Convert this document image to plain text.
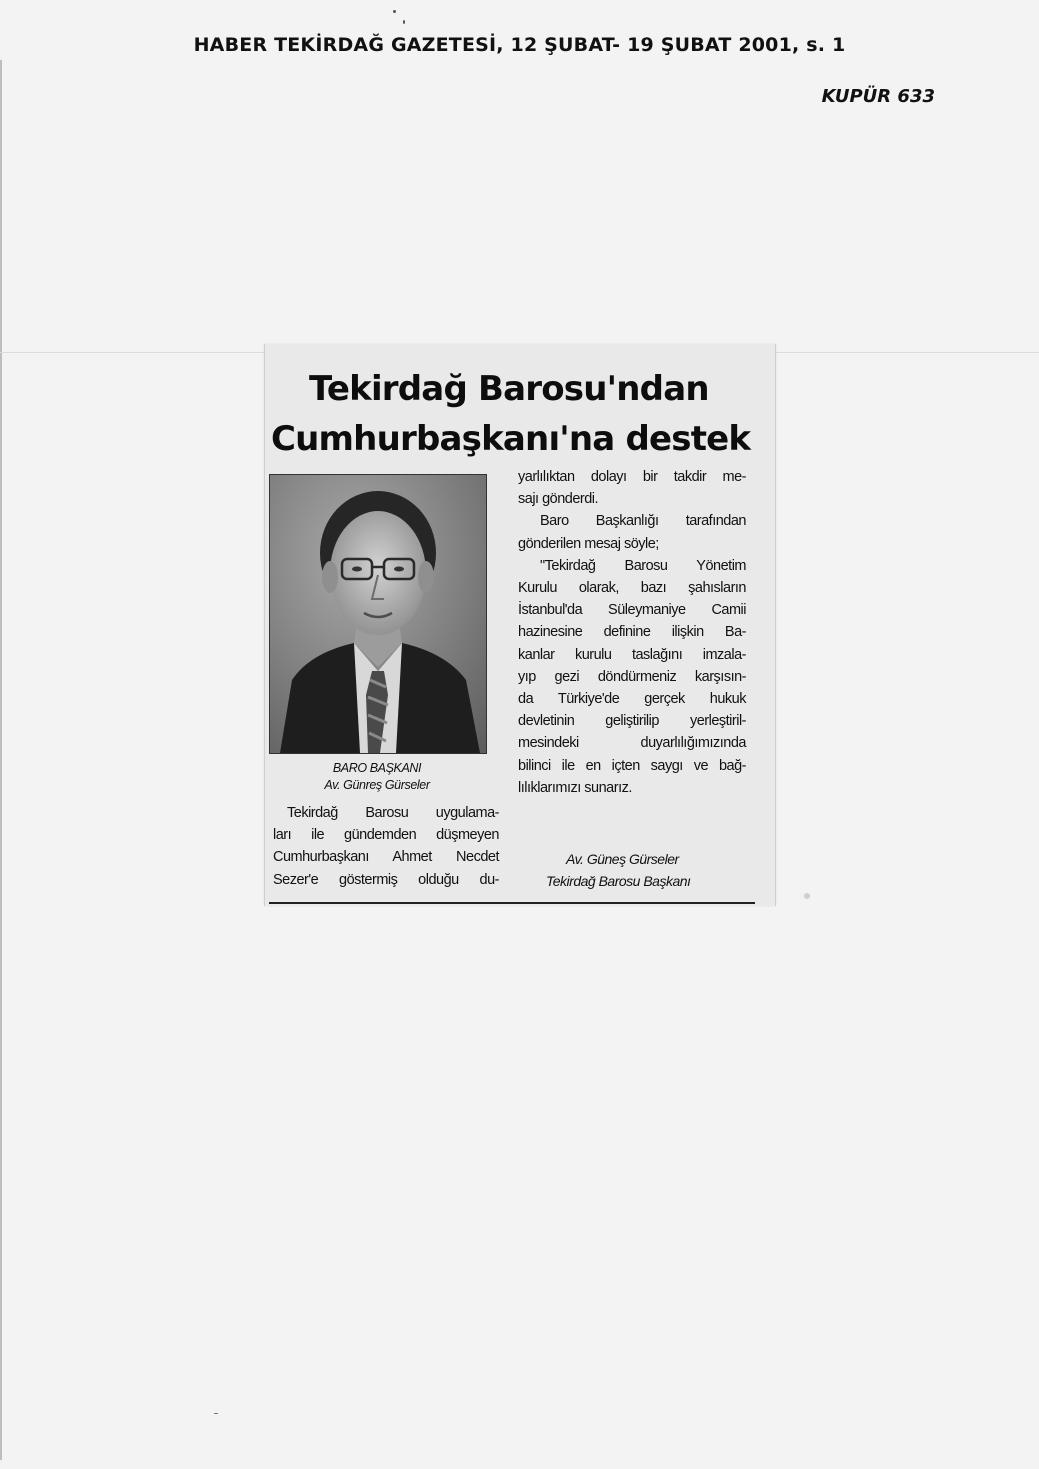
HABER TEKİRDAĞ GAZETESİ, 12 ŞUBAT- 19 ŞUBAT 2001, s. 1
KUPÜR 633
Tekirdağ Barosu'ndan
Cumhurbaşkanı'na destek
BARO BAŞKANI
Av. Günreş Gürseler
Tekirdağ Barosu uygulama-
ları ile gündemden düşmeyen
Cumhurbaşkanı Ahmet Necdet
Sezer'e göstermiş olduğu du-
yarlılıktan dolayı bir takdir me-
sajı gönderdi.
Baro Başkanlığı tarafından
gönderilen mesaj söyle;
"Tekirdağ Barosu Yönetim
Kurulu olarak, bazı şahısların
İstanbul'da Süleymaniye Camii
hazinesine definine ilişkin Ba-
kanlar kurulu taslağını imzala-
yıp gezi döndürmeniz karşısın-
da Türkiye'de gerçek hukuk
devletinin geliştirilip yerleştiril-
mesindeki duyarlılığımızında
bilinci ile en içten saygı ve bağ-
lılıklarımızı sunarız.
Av. Güneş Gürseler
Tekirdağ Barosu Başkanı
